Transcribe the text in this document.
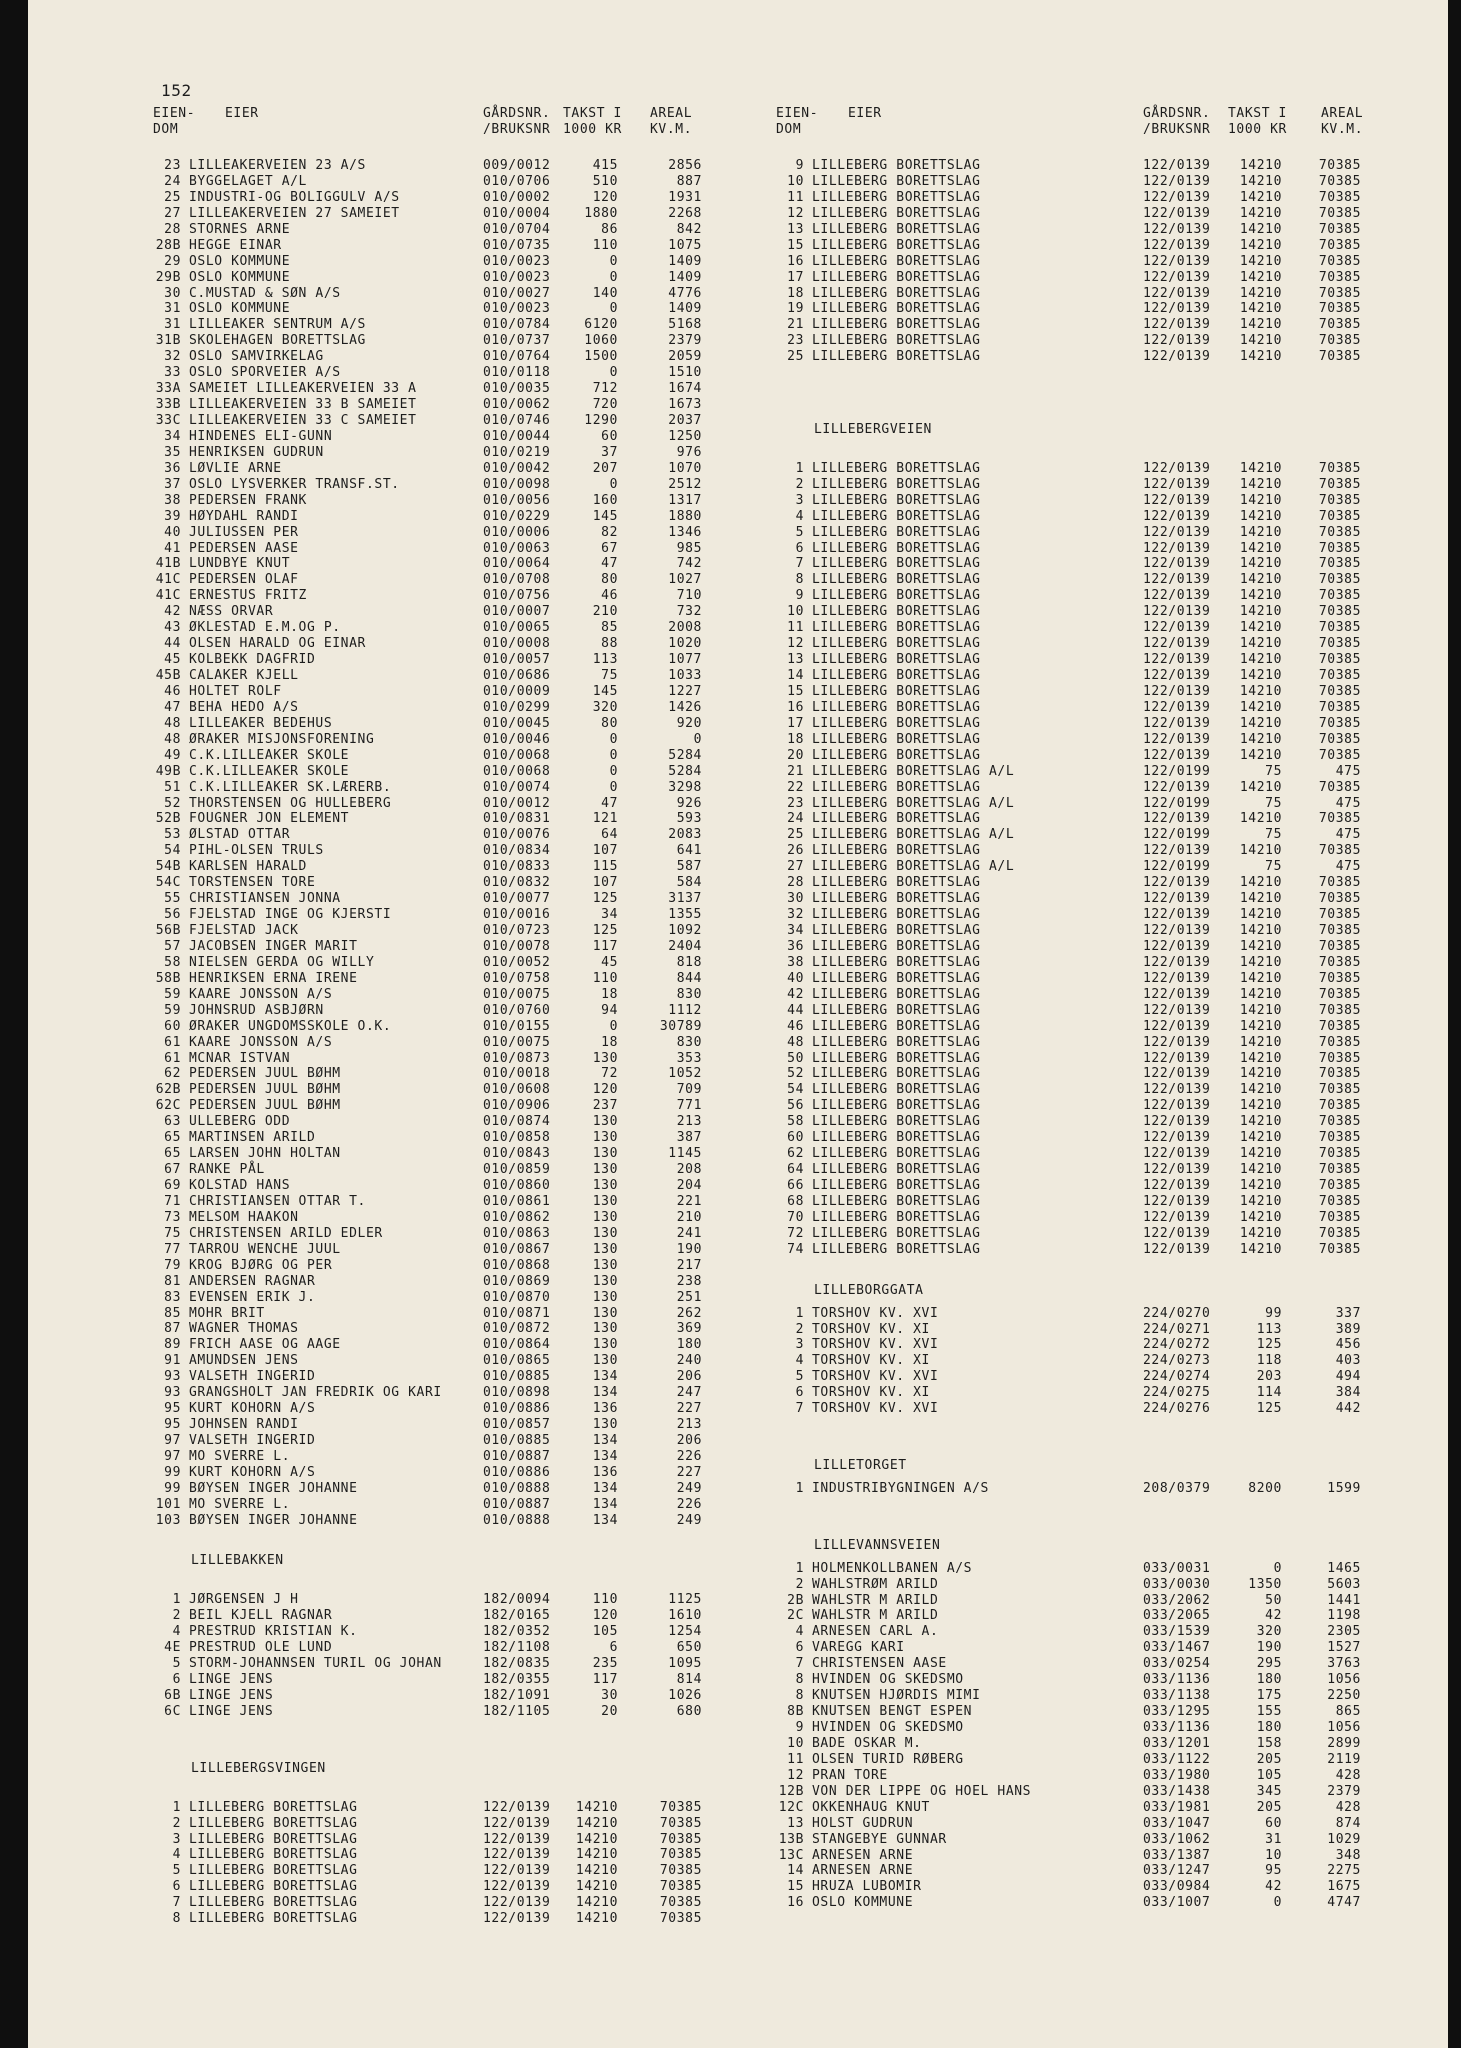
152
EIEN-
DOM
EIER	GÅRDSNR.
/BRUKSNR
TAKST I
1000 KR
AREAL
KV.M.
23 LILLEAKERVEIEN 23 A/S	009/0012	415	2856
24 BYGGELAGET A/L	010/0706	510	887
25 INDUSTRI-OG BOLIGGULV A/S	010/0002	120	1931
27 LILLEAKERVEIEN 27 SAMEIET	010/0004	1880	2268
28 STORNES ARNE	010/0704	86	842
28B HEGGE EINAR	010/0735	110	1075
29 OSLO KOMMUNE	010/0023	0	1409
29B OSLO KOMMUNE	010/0023	0	1409
30 C.MUSTAD & SØN A/S	010/0027	140	4776
31 OSLO KOMMUNE	010/0023	0	1409
31 LILLEAKER SENTRUM A/S	010/0784	6120	5168
31B SKOLEHAGEN BORETTSLAG	010/0737	1060	2379
32 OSLO SAMVIRKELAG	010/0764	1500	2059
33 OSLO SPORVEIER A/S	010/0118	0	1510
33A SAMEIET LILLEAKERVEIEN 33 A	010/0035	712	1674
33B LILLEAKERVEIEN 33 B SAMEIET	010/0062	720	1673
33C LILLEAKERVEIEN 33 C SAMEIET	010/0746	1290	2037
34 HINDENES ELI-GUNN	010/0044	60	1250
35 HENRIKSEN GUDRUN	010/0219	37	976
36 LØVLIE ARNE	010/0042	207	1070
37 OSLO LYSVERKER TRANSF.ST.	010/0098	0	2512
38 PEDERSEN FRANK	010/0056	160	1317
39 HØYDAHL RANDI	010/0229	145	1880
40 JULIUSSEN PER	010/0006	82	1346
41 PEDERSEN AASE	010/0063	67	985
41B LUNDBYE KNUT	010/0064	47	742
41C PEDERSEN OLAF	010/0708	80	1027
41C ERNESTUS FRITZ	010/0756	46	710
42 NÆSS ORVAR	010/0007	210	732
43 ØKLESTAD E.M.OG P.	010/0065	85	2008
44 OLSEN HARALD OG EINAR	010/0008	88	1020
45 KOLBEKK DAGFRID	010/0057	113	1077
45B CALAKER KJELL	010/0686	75	1033
46 HOLTET ROLF	010/0009	145	1227
47 BEHA HEDO A/S	010/0299	320	1426
48 LILLEAKER BEDEHUS	010/0045	80	920
48 ØRAKER MISJONSFORENING	010/0046	0	0
49 C.K.LILLEAKER SKOLE	010/0068	0	5284
49B C.K.LILLEAKER SKOLE	010/0068	0	5284
51 C.K.LILLEAKER SK.LÆRERB.	010/0074	0	3298
52 THORSTENSEN OG HULLEBERG	010/0012	47	926
52B FOUGNER JON ELEMENT	010/0831	121	593
53 ØLSTAD OTTAR	010/0076	64	2083
54 PIHL-OLSEN TRULS	010/0834	107	641
54B KARLSEN HARALD	010/0833	115	587
54C TORSTENSEN TORE	010/0832	107	584
55 CHRISTIANSEN JONNA	010/0077	125	3137
56 FJELSTAD INGE OG KJERSTI	010/0016	34	1355
56B FJELSTAD JACK	010/0723	125	1092
57 JACOBSEN INGER MARIT	010/0078	117	2404
58 NIELSEN GERDA OG WILLY	010/0052	45	818
58B HENRIKSEN ERNA IRENE	010/0758	110	844
59 KAARE JONSSON A/S	010/0075	18	830
59 JOHNSRUD ASBJØRN	010/0760	94	1112
60 ØRAKER UNGDOMSSKOLE O.K.	010/0155	0	30789
61 KAARE JONSSON A/S	010/0075	18	830
61 MCNAR ISTVAN	010/0873	130	353
62 PEDERSEN JUUL BØHM	010/0018	72	1052
62B PEDERSEN JUUL BØHM	010/0608	120	709
62C PEDERSEN JUUL BØHM	010/0906	237	771
63 ULLEBERG ODD	010/0874	130	213
65 MARTINSEN ARILD	010/0858	130	387
65 LARSEN JOHN HOLTAN	010/0843	130	1145
67 RANKE PÅL	010/0859	130	208
69 KOLSTAD HANS	010/0860	130	204
71 CHRISTIANSEN OTTAR T.	010/0861	130	221
73 MELSOM HAAKON	010/0862	130	210
75 CHRISTENSEN ARILD EDLER	010/0863	130	241
77 TARROU WENCHE JUUL	010/0867	130	190
79 KROG BJØRG OG PER	010/0868	130	217
81 ANDERSEN RAGNAR	010/0869	130	238
83 EVENSEN ERIK J.	010/0870	130	251
85 MOHR BRIT	010/0871	130	262
87 WAGNER THOMAS	010/0872	130	369
89 FRICH AASE OG AAGE	010/0864	130	180
91 AMUNDSEN JENS	010/0865	130	240
93 VALSETH INGERID	010/0885	134	206
93 GRANGSHOLT JAN FREDRIK OG KARI	010/0898	134	247
95 KURT KOHORN A/S	010/0886	136	227
95 JOHNSEN RANDI	010/0857	130	213
97 VALSETH INGERID	010/0885	134	206
97 MO SVERRE L.	010/0887	134	226
99 KURT KOHORN A/S	010/0886	136	227
99 BØYSEN INGER JOHANNE	010/0888	134	249
101 MO SVERRE L.	010/0887	134	226
103 BØYSEN INGER JOHANNE	010/0888	134	249
LILLEBAKKEN
1 JØRGENSEN J H	182/0094	110	1125
2 BEIL KJELL RAGNAR	182/0165	120	1610
4 PRESTRUD KRISTIAN K.	182/0352	105	1254
4E PRESTRUD OLE LUND	182/1108	6	650
5 STORM-JOHANNSEN TURIL OG JOHAN	182/0835	235	1095
6 LINGE JENS	182/0355	117	814
6B LINGE JENS	182/1091	30	1026
6C LINGE JENS	182/1105	20	680
LILLEBERGSVINGEN
1 LILLEBERG BORETTSLAG	122/0139	14210	70385
2 LILLEBERG BORETTSLAG	122/0139	14210	70385
3 LILLEBERG BORETTSLAG	122/0139	14210	70385
4 LILLEBERG BORETTSLAG	122/0139	14210	70385
5 LILLEBERG BORETTSLAG	122/0139	14210	70385
6 LILLEBERG BORETTSLAG	122/0139	14210	70385
7 LILLEBERG BORETTSLAG	122/0139	14210	70385
8 LILLEBERG BORETTSLAG	122/0139	14210	70385
EIEN-
DOM
EIER	GÅRDSNR.
/BRUKSNR
TAKST I
1000 KR
AREAL
KV.M.
9 LILLEBERG BORETTSLAG	122/0139	14210	70385
10 LILLEBERG BORETTSLAG	122/0139	14210	70385
11 LILLEBERG BORETTSLAG	122/0139	14210	70385
12 LILLEBERG BORETTSLAG	122/0139	14210	70385
13 LILLEBERG BORETTSLAG	122/0139	14210	70385
15 LILLEBERG BORETTSLAG	122/0139	14210	70385
16 LILLEBERG BORETTSLAG	122/0139	14210	70385
17 LILLEBERG BORETTSLAG	122/0139	14210	70385
18 LILLEBERG BORETTSLAG	122/0139	14210	70385
19 LILLEBERG BORETTSLAG	122/0139	14210	70385
21 LILLEBERG BORETTSLAG	122/0139	14210	70385
23 LILLEBERG BORETTSLAG	122/0139	14210	70385
25 LILLEBERG BORETTSLAG	122/0139	14210	70385
LILLEBERGVEIEN
1 LILLEBERG BORETTSLAG	122/0139	14210	70385
2 LILLEBERG BORETTSLAG	122/0139	14210	70385
3 LILLEBERG BORETTSLAG	122/0139	14210	70385
4 LILLEBERG BORETTSLAG	122/0139	14210	70385
5 LILLEBERG BORETTSLAG	122/0139	14210	70385
6 LILLEBERG BORETTSLAG	122/0139	14210	70385
7 LILLEBERG BORETTSLAG	122/0139	14210	70385
8 LILLEBERG BORETTSLAG	122/0139	14210	70385
9 LILLEBERG BORETTSLAG	122/0139	14210	70385
10 LILLEBERG BORETTSLAG	122/0139	14210	70385
11 LILLEBERG BORETTSLAG	122/0139	14210	70385
12 LILLEBERG BORETTSLAG	122/0139	14210	70385
13 LILLEBERG BORETTSLAG	122/0139	14210	70385
14 LILLEBERG BORETTSLAG	122/0139	14210	70385
15 LILLEBERG BORETTSLAG	122/0139	14210	70385
16 LILLEBERG BORETTSLAG	122/0139	14210	70385
17 LILLEBERG BORETTSLAG	122/0139	14210	70385
18 LILLEBERG BORETTSLAG	122/0139	14210	70385
20 LILLEBERG BORETTSLAG	122/0139	14210	70385
21 LILLEBERG BORETTSLAG A/L	122/0199	75	475
22 LILLEBERG BORETTSLAG	122/0139	14210	70385
23 LILLEBERG BORETTSLAG A/L	122/0199	75	475
24 LILLEBERG BORETTSLAG	122/0139	14210	70385
25 LILLEBERG BORETTSLAG A/L	122/0199	75	475
26 LILLEBERG BORETTSLAG	122/0139	14210	70385
27 LILLEBERG BORETTSLAG A/L	122/0199	75	475
28 LILLEBERG BORETTSLAG	122/0139	14210	70385
30 LILLEBERG BORETTSLAG	122/0139	14210	70385
32 LILLEBERG BORETTSLAG	122/0139	14210	70385
34 LILLEBERG BORETTSLAG	122/0139	14210	70385
36 LILLEBERG BORETTSLAG	122/0139	14210	70385
38 LILLEBERG BORETTSLAG	122/0139	14210	70385
40 LILLEBERG BORETTSLAG	122/0139	14210	70385
42 LILLEBERG BORETTSLAG	122/0139	14210	70385
44 LILLEBERG BORETTSLAG	122/0139	14210	70385
46 LILLEBERG BORETTSLAG	122/0139	14210	70385
48 LILLEBERG BORETTSLAG	122/0139	14210	70385
50 LILLEBERG BORETTSLAG	122/0139	14210	70385
52 LILLEBERG BORETTSLAG	122/0139	14210	70385
54 LILLEBERG BORETTSLAG	122/0139	14210	70385
56 LILLEBERG BORETTSLAG	122/0139	14210	70385
58 LILLEBERG BORETTSLAG	122/0139	14210	70385
60 LILLEBERG BORETTSLAG	122/0139	14210	70385
62 LILLEBERG BORETTSLAG	122/0139	14210	70385
64 LILLEBERG BORETTSLAG	122/0139	14210	70385
66 LILLEBERG BORETTSLAG	122/0139	14210	70385
68 LILLEBERG BORETTSLAG	122/0139	14210	70385
70 LILLEBERG BORETTSLAG	122/0139	14210	70385
72 LILLEBERG BORETTSLAG	122/0139	14210	70385
74 LILLEBERG BORETTSLAG	122/0139	14210	70385
LILLEBORGGATA
1 TORSHOV KV. XVI	224/0270	99	337
2 TORSHOV KV. XI	224/0271	113	389
3 TORSHOV KV. XVI	224/0272	125	456
4 TORSHOV KV. XI	224/0273	118	403
5 TORSHOV KV. XVI	224/0274	203	494
6 TORSHOV KV. XI	224/0275	114	384
7 TORSHOV KV. XVI	224/0276	125	442
LILLETORGET
1 INDUSTRIBYGNINGEN A/S	208/0379	8200	1599
LILLEVANNSVEIEN
1 HOLMENKOLLBANEN A/S	033/0031	0	1465
2 WAHLSTRØM ARILD	033/0030	1350	5603
2B WAHLSTR M ARILD	033/2062	50	1441
2C WAHLSTR M ARILD	033/2065	42	1198
4 ARNESEN CARL A.	033/1539	320	2305
6 VAREGG KARI	033/1467	190	1527
7 CHRISTENSEN AASE	033/0254	295	3763
8 HVINDEN OG SKEDSMO	033/1136	180	1056
8 KNUTSEN HJØRDIS MIMI	033/1138	175	2250
8B KNUTSEN BENGT ESPEN	033/1295	155	865
9 HVINDEN OG SKEDSMO	033/1136	180	1056
10 BADE OSKAR M.	033/1201	158	2899
11 OLSEN TURID RØBERG	033/1122	205	2119
12 PRAN TORE	033/1980	105	428
12B VON DER LIPPE OG HOEL HANS	033/1438	345	2379
12C OKKENHAUG KNUT	033/1981	205	428
13 HOLST GUDRUN	033/1047	60	874
13B STANGEBYE GUNNAR	033/1062	31	1029
13C ARNESEN ARNE	033/1387	10	348
14 ARNESEN ARNE	033/1247	95	2275
15 HRUZA LUBOMIR	033/0984	42	1675
16 OSLO KOMMUNE	033/1007	0	4747
